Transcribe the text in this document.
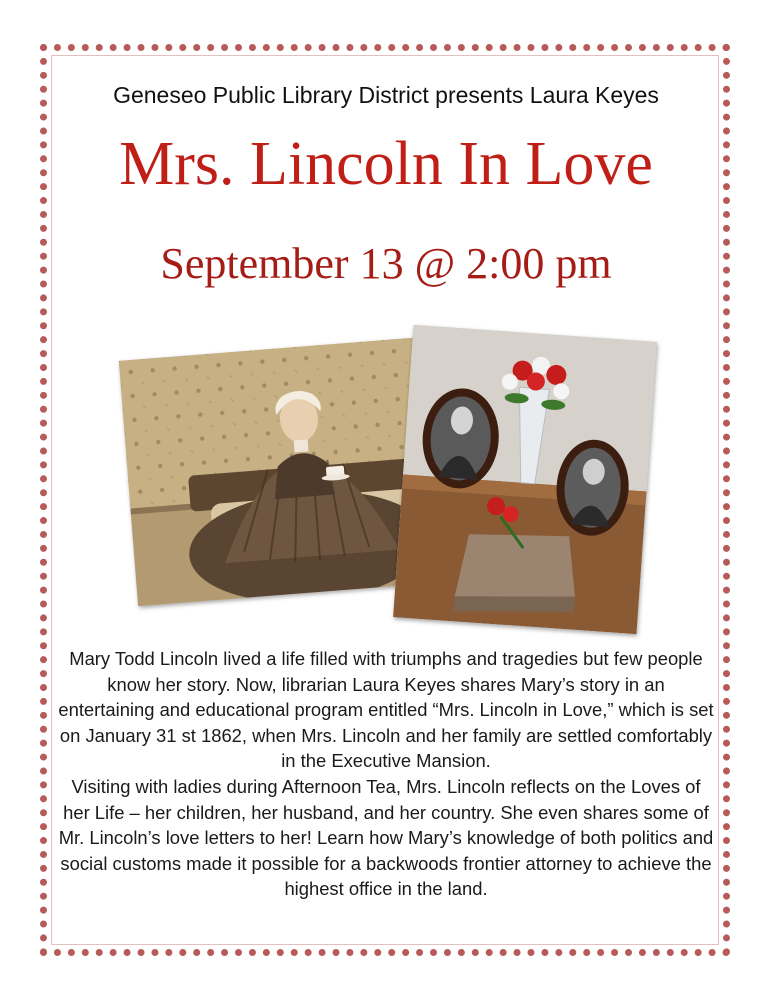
Geneseo Public Library District presents Laura Keyes
Mrs. Lincoln In Love
September 13 @ 2:00 pm

Mary Todd Lincoln lived a life filled with triumphs and tragedies but few people know her story. Now, librarian Laura Keyes shares Mary’s story in an entertaining and educational program entitled “Mrs. Lincoln in Love,” which is set on January 31 st 1862, when Mrs. Lincoln and her family are settled comfortably in the Executive Mansion.

Visiting with ladies during Afternoon Tea, Mrs. Lincoln reflects on the Loves of her Life – her children, her husband, and her country. She even shares some of Mr. Lincoln’s love letters to her! Learn how Mary’s knowledge of both politics and social customs made it possible for a backwoods frontier attorney to achieve the highest office in the land.
